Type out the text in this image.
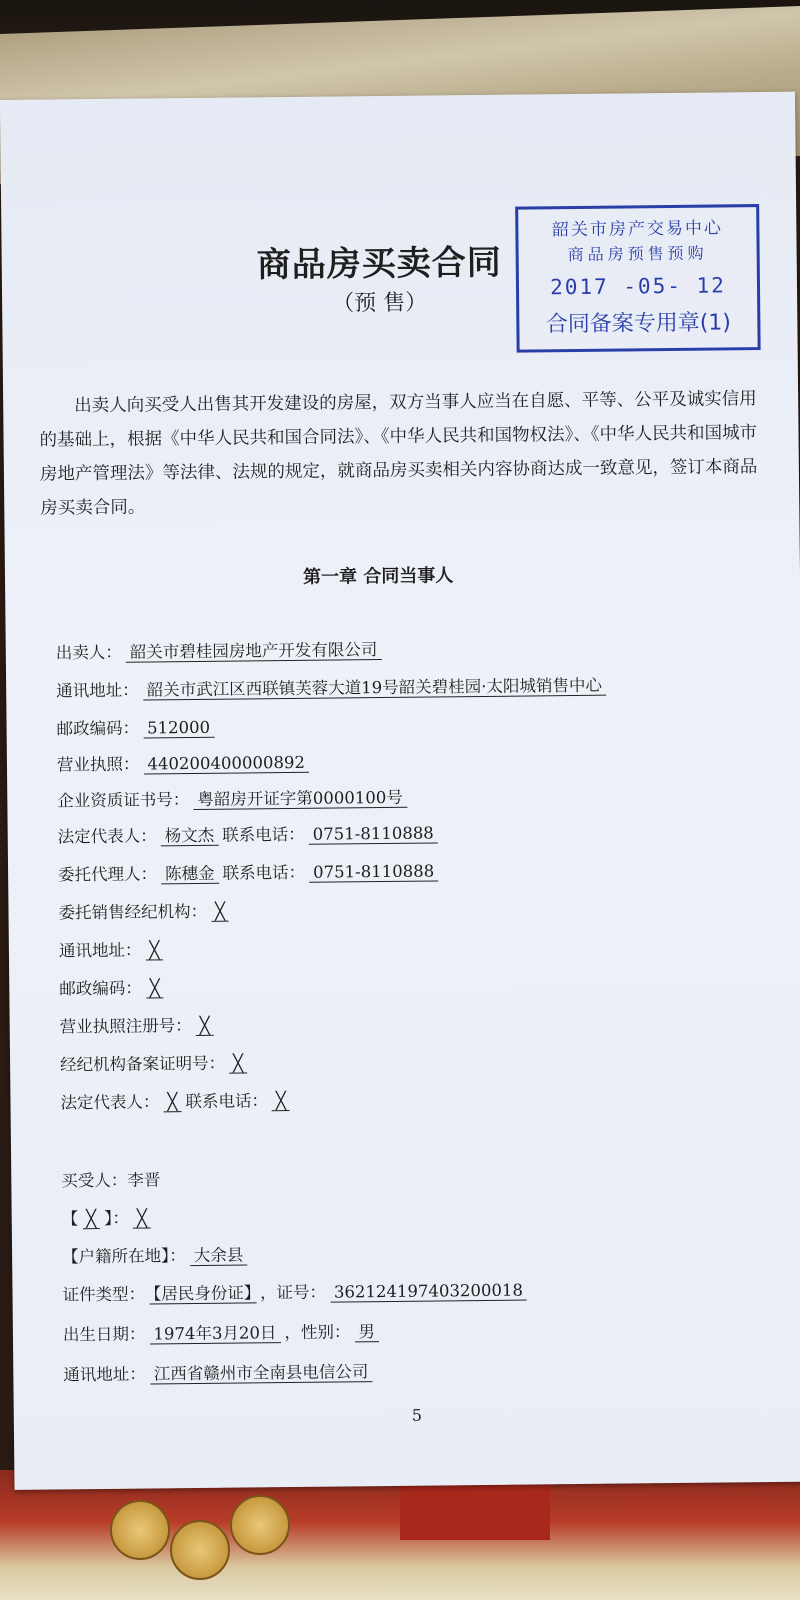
商品房买卖合同
（预 售）
韶关市房产交易中心
商品房预售预购
2017 -05- 12
合同备案专用章(1)
出卖人向买受人出售其开发建设的房屋，双方当事人应当在自愿、平等、公平及诚实信用的基础上，根据《中华人民共和国合同法》、《中华人民共和国物权法》、《中华人民共和国城市房地产管理法》等法律、法规的规定，就商品房买卖相关内容协商达成一致意见，签订本商品房买卖合同。
第一章 合同当事人
出卖人： 韶关市碧桂园房地产开发有限公司
通讯地址： 韶关市武江区西联镇芙蓉大道19号韶关碧桂园·太阳城销售中心
邮政编码： 512000
营业执照： 440200400000892
企业资质证书号： 粤韶房开证字第0000100号
法定代表人： 杨文杰 联系电话： 0751-8110888
委托代理人： 陈穗金 联系电话： 0751-8110888
委托销售经纪机构： ╳
通讯地址： ╳
邮政编码： ╳
营业执照注册号： ╳
经纪机构备案证明号： ╳
法定代表人： ╳ 联系电话： ╳
买受人：李晋
【 ╳ 】： ╳
【户籍所在地】： 大余县
证件类型： 【居民身份证】 ，证号： 362124197403200018
出生日期： 1974年3月20日 ，性别： 男
通讯地址： 江西省赣州市全南县电信公司
5
